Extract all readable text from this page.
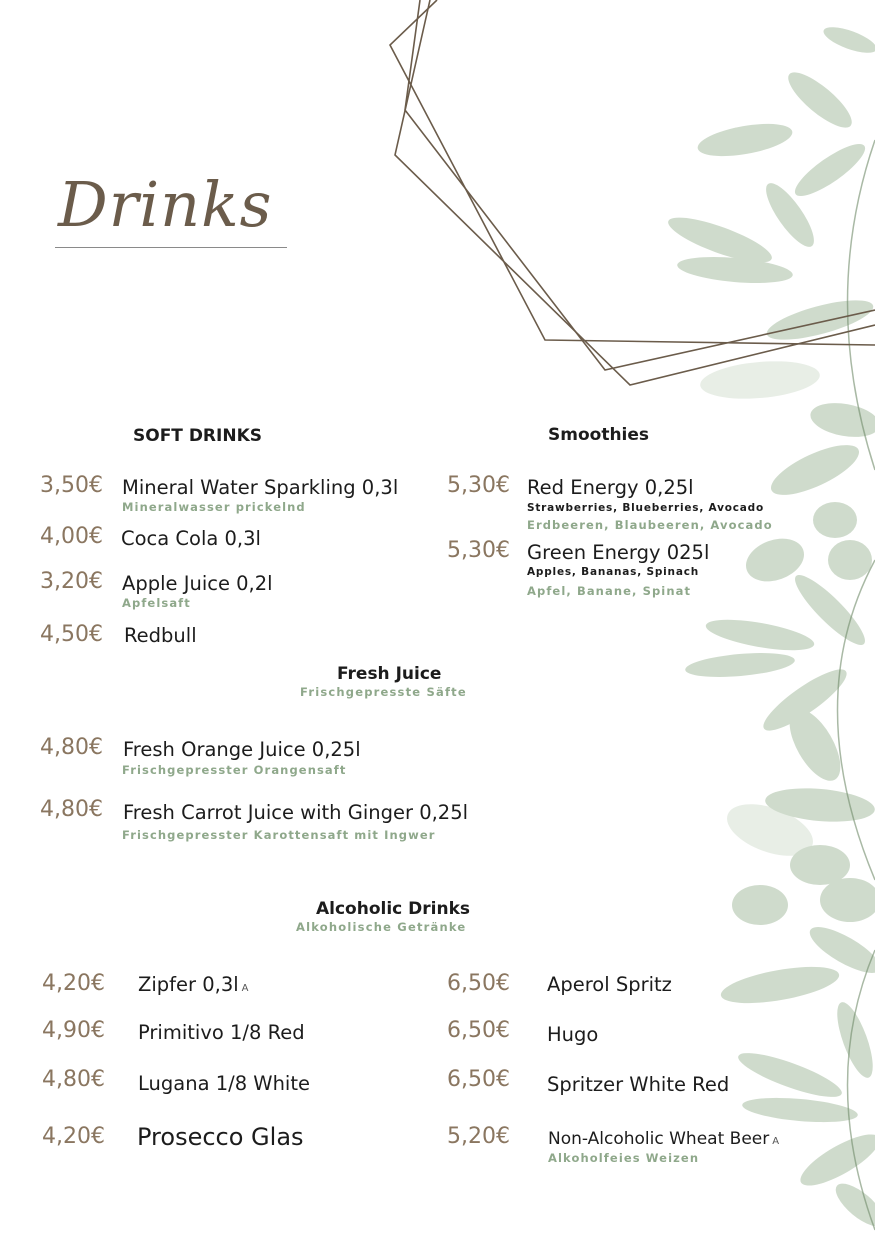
Drinks
SOFT DRINKS
3,50€ Mineral Water Sparkling 0,3l
Mineralwasser prickelnd
4,00€ Coca Cola 0,3l
3,20€ Apple Juice 0,2l
Apfelsaft
4,50€ Redbull
Smoothies
5,30€ Red Energy 0,25l
Strawberries, Blueberries, Avocado
Erdbeeren, Blaubeeren, Avocado
5,30€ Green Energy 025l
Apples, Bananas, Spinach
Apfel, Banane, Spinat
Fresh Juice
Frischgepresste Säfte
4,80€ Fresh Orange Juice 0,25l
Frischgepresster Orangensaft
4,80€ Fresh Carrot Juice with Ginger 0,25l
Frischgepresster Karottensaft mit Ingwer
Alcoholic Drinks
Alkoholische Getränke
4,20€ Zipfer 0,3l A
4,90€ Primitivo 1/8 Red
4,80€ Lugana 1/8 White
4,20€ Prosecco Glas
6,50€ Aperol Spritz
6,50€ Hugo
6,50€ Spritzer White Red
5,20€ Non-Alcoholic Wheat Beer A
Alkoholfeies Weizen
